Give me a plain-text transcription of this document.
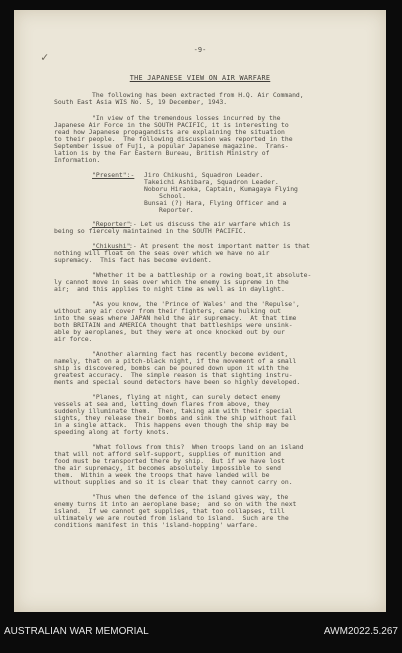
✓	-9-
THE JAPANESE VIEW ON AIR WARFARE
The following has been extracted from H.Q. Air Command,
South East Asia WIS No. 5, 19 December, 1943.
"In view of the tremendous losses incurred by the
Japanese Air Force in the SOUTH PACIFIC, it is interesting to
read how Japanese propagandists are explaining the situation
to their people.  The following discussion was reported in the
September issue of Fuji, a popular Japanese magazine.  Trans-
lation is by the Far Eastern Bureau, British Ministry of
Information.
"Present":- Jiro Chikushi, Squadron Leader.
Takeichi Ashibara, Squadron Leader.
Noboru Hiraoka, Captain, Kumagaya Flying
School.
Bunsai (?) Hara, Flying Officer and a
Reporter.
"Reporter"
:- Let us discuss the air warfare which is
being so fiercely maintained in the SOUTH PACIFIC.
"Chikushi"
:- At present the most important matter is that
nothing will float on the seas over which we have no air
supremacy.  This fact has become evident.
"Whether it be a battleship or a rowing boat,it absolute-
ly cannot move in seas over which the enemy is supreme in the
air;  and this applies to night time as well as in daylight.
"As you know, the 'Prince of Wales' and the 'Repulse',
without any air cover from their fighters, came hulking out
into the seas where JAPAN held the air supremacy.  At that time
both BRITAIN and AMERICA thought that battleships were unsink-
able by aeroplanes, but they were at once knocked out by our
air force.
"Another alarming fact has recently become evident,
namely, that on a pitch-black night, if the movement of a small
ship is discovered, bombs can be poured down upon it with the
greatest accuracy.  The simple reason is that sighting instru-
ments and special sound detectors have been so highly developed.
"Planes, flying at night, can surely detect enemy
vessels at sea and, letting down flares from above, they
suddenly illuminate them.  Then, taking aim with their special
sights, they release their bombs and sink the ship without fail
in a single attack.  This happens even though the ship may be
speeding along at forty knots.
"What follows from this?  When troops land on an island
that will not afford self-support, supplies of munition and
food must be transported there by ship.  But if we have lost
the air supremacy, it becomes absolutely impossible to send
them.  Within a week the troops that have landed will be
without supplies and so it is clear that they cannot carry on.
"Thus when the defence of the island gives way, the
enemy turns it into an aeroplane base;  and so on with the next
island.  If we cannot get supplies, that too collapses, till
ultimately we are routed from island to island.  Such are the
conditions manifest in this 'island-hopping' warfare.
AUSTRALIAN WAR MEMORIAL	AWM2022.5.267
